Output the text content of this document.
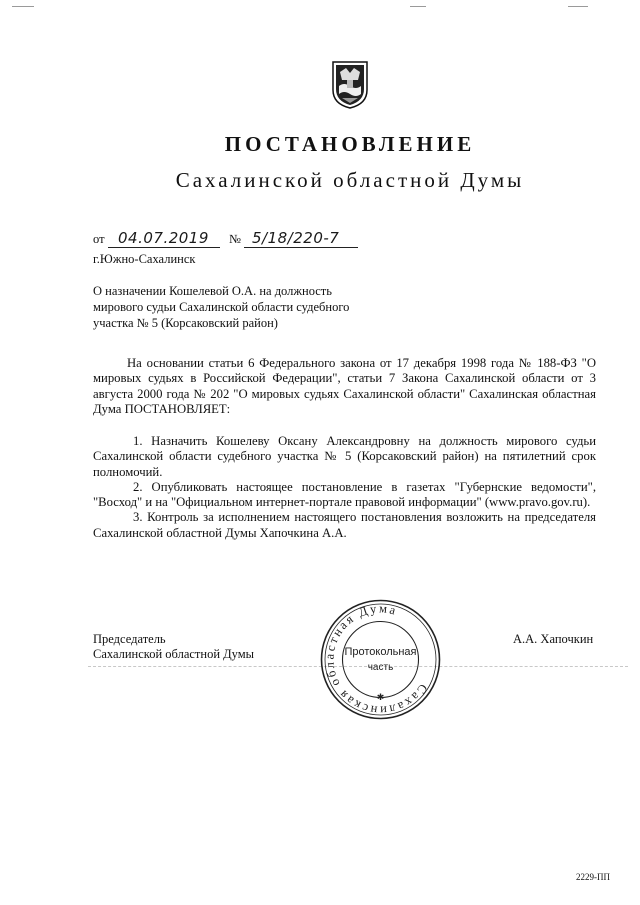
ПОСТАНОВЛЕНИЕ
Сахалинской областной Думы
от 04.07.2019	№ 5/18/220-7
г.Южно-Сахалинск
О назначении Кошелевой О.А. на должность
мирового судьи Сахалинской области судебного
участка № 5 (Корсаковский район)

На основании статьи 6 Федерального закона от 17 декабря 1998 года № 188-ФЗ "О мировых судьях в Российской Федерации", статьи 7 Закона Сахалинской области от 3 августа 2000 года № 202 "О мировых судьях Сахалинской области" Сахалинская областная Дума ПОСТАНОВЛЯЕТ:

1. Назначить Кошелеву Оксану Александровну на должность мирового судьи Сахалинской области судебного участка № 5 (Корсаковский район) на пятилетний срок полномочий.

2. Опубликовать настоящее постановление в газетах "Губернские ведомости", "Восход" и на "Официальном интернет-портале правовой информации" (www.pravo.gov.ru).

3. Контроль за исполнением настоящего постановления возложить на председателя Сахалинской областной Думы Хапочкина А.А.

Председатель
Сахалинской областной Думы
А.А. Хапочкин
Сахалинская областная Дума
Протокольная
часть
✱
2229-ПП
